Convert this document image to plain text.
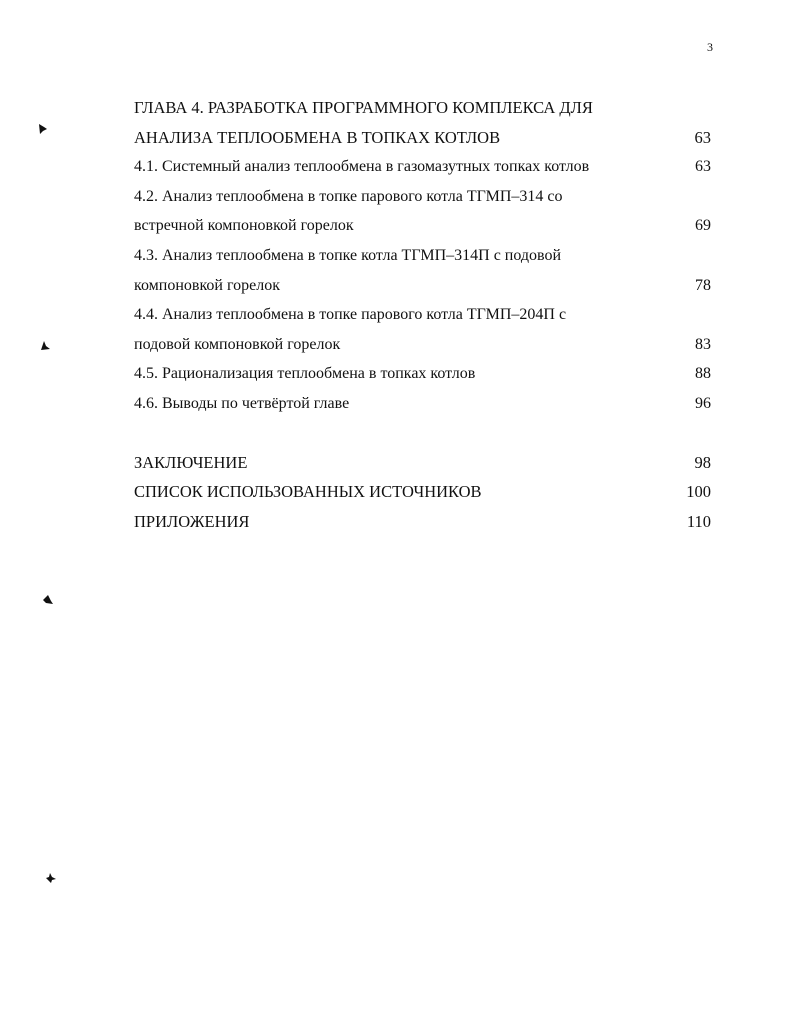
3
ГЛАВА 4. РАЗРАБОТКА ПРОГРАММНОГО КОМПЛЕКСА ДЛЯ
АНАЛИЗА ТЕПЛООБМЕНА В ТОПКАХ КОТЛОВ	63
4.1. Системный анализ теплообмена в газомазутных топках котлов	63
4.2. Анализ теплообмена в топке парового котла ТГМП–314 со
встречной компоновкой горелок	69
4.3. Анализ теплообмена в топке котла ТГМП–314П с подовой
компоновкой горелок	78
4.4. Анализ теплообмена в топке парового котла ТГМП–204П с
подовой компоновкой горелок	83
4.5. Рационализация теплообмена в топках котлов	88
4.6. Выводы по четвёртой главе	96
ЗАКЛЮЧЕНИЕ	98
СПИСОК ИСПОЛЬЗОВАННЫХ ИСТОЧНИКОВ	100
ПРИЛОЖЕНИЯ	110
